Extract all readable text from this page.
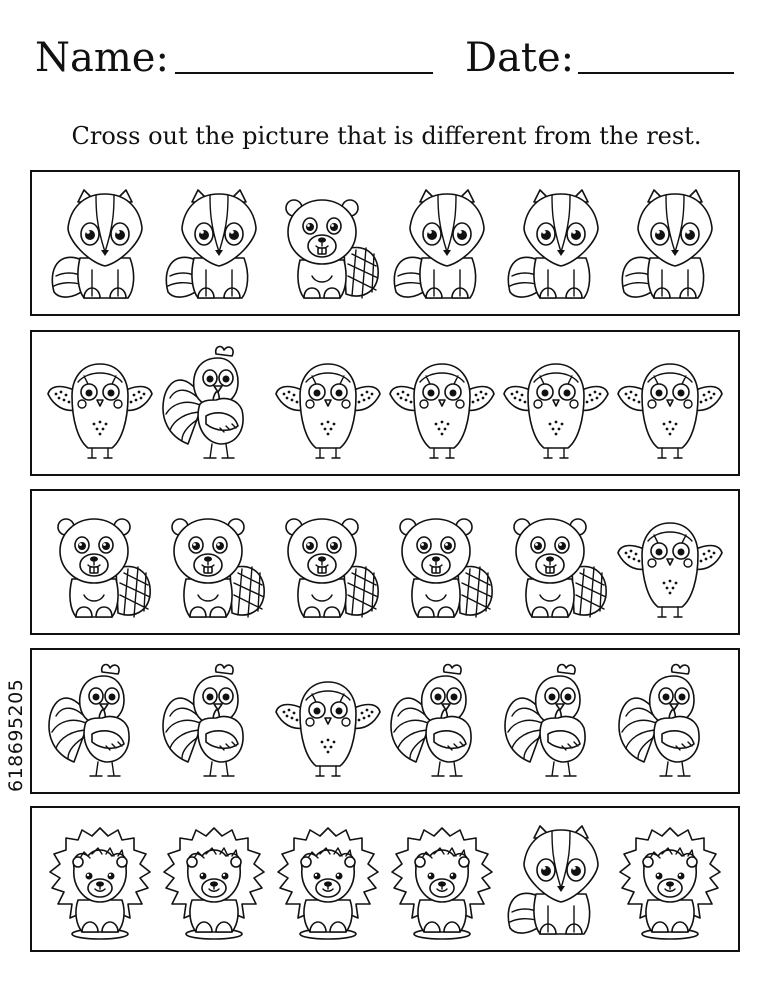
Name:	Date:
Cross out the picture that is different from the rest.
618695205
